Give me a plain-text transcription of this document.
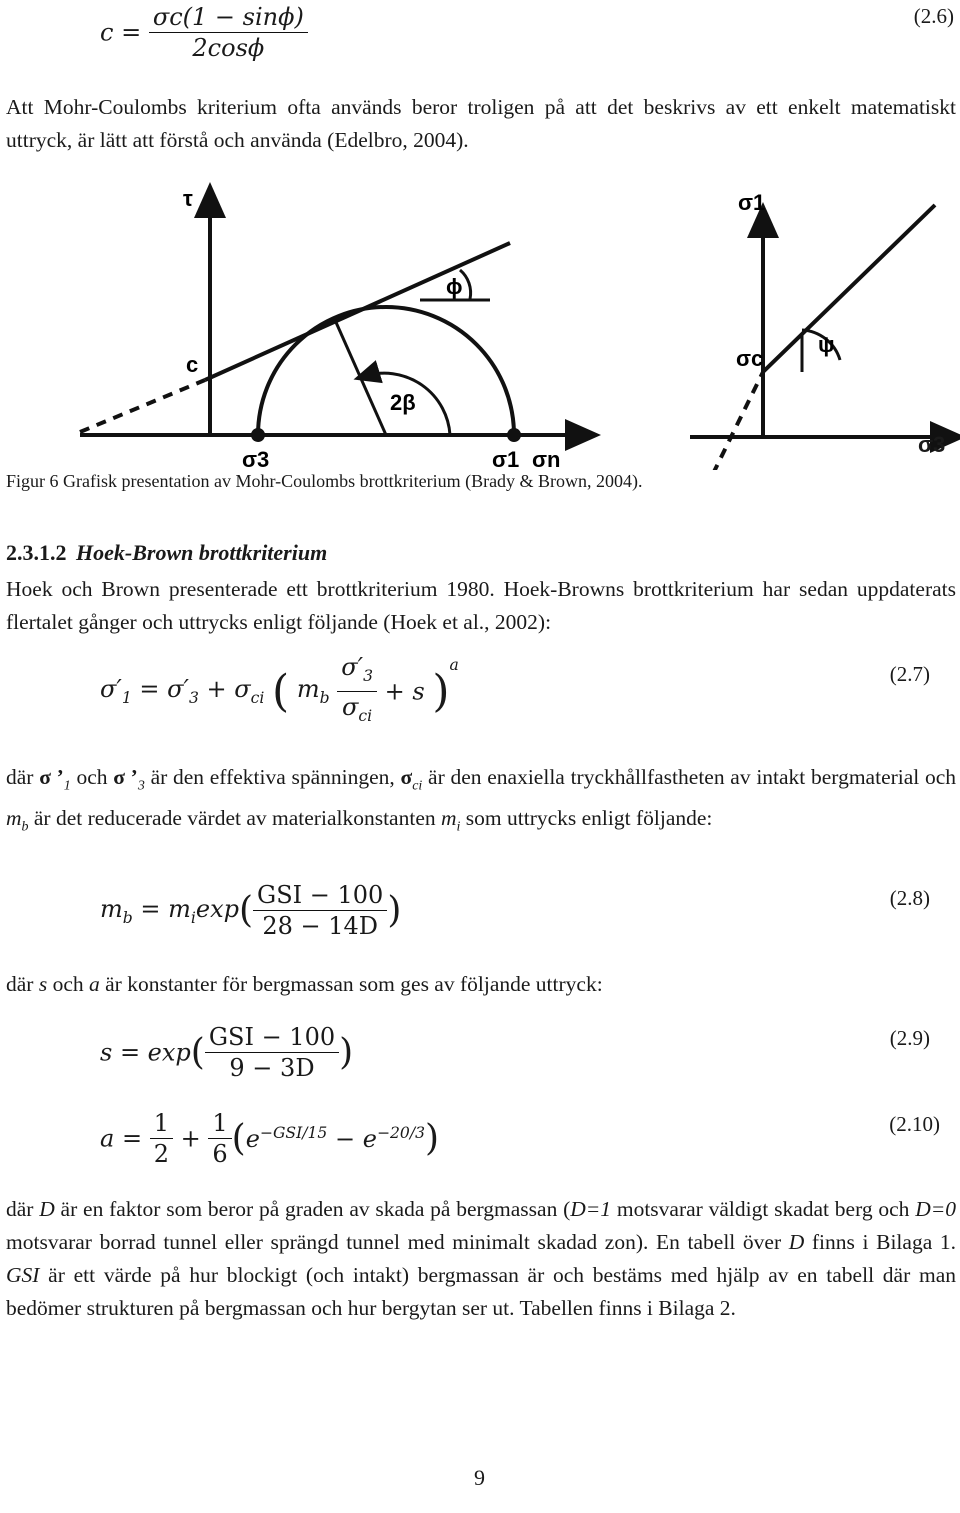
$c = \frac{\sigma c(1 - \sin\phi)}{2\cos\phi}$	(2.6)
Att Mohr-Coulombs kriterium ofta används beror troligen på att det beskrivs av ett enkelt matematiskt uttryck, är lätt att förstå och använda (Edelbro, 2004).
τ
ϕ
c
2β
σ3	σ1 σn
σ1
σc
ψ
σ3
Figur 6 Grafisk presentation av Mohr-Coulombs brottkriterium (Brady & Brown, 2004).
2.3.1.2 Hoek-Brown brottkriterium
Hoek och Brown presenterade ett brottkriterium 1980. Hoek-Browns brottkriterium har sedan uppdaterats flertalet gånger och uttrycks enligt följande (Hoek et al., 2002):
$\sigma'_1 = \sigma'_3 + \sigma_{ci}$ ( $m_b \frac{\sigma'_3}{\sigma_{ci}} + s$ )$^a$	(2.7)
där σ $’_1$ och σ $’_3$ är den effektiva spänningen, $\sigma_{ci}$ är den enaxiella tryckhållfastheten av intakt bergmaterial och $m_b$ är det reducerade värdet av materialkonstanten $m_i$ som uttrycks enligt följande:
$m_b = m_i\exp( \frac{\text{GSI − 100}}{28 - 14D}$ )	(2.8)
där s och a är konstanter för bergmassan som ges av följande uttryck:
$s = \exp( \frac{\text{GSI − 100}}{9 - 3D}$ )	(2.9)
$a = \frac{1}{2} + \frac{1}{6} (e^{-GSI/15} - e^{-20/3})$	(2.10)
där D är en faktor som beror på graden av skada på bergmassan (D=1 motsvarar väldigt skadat berg och D=0 motsvarar borrad tunnel eller sprängd tunnel med minimalt skadad zon). En tabell över D finns i Bilaga 1. GSI är ett värde på hur blockigt (och intakt) bergmassan är och bestäms med hjälp av en tabell där man bedömer strukturen på bergmassan och hur bergytan ser ut. Tabellen finns i Bilaga 2.
9
